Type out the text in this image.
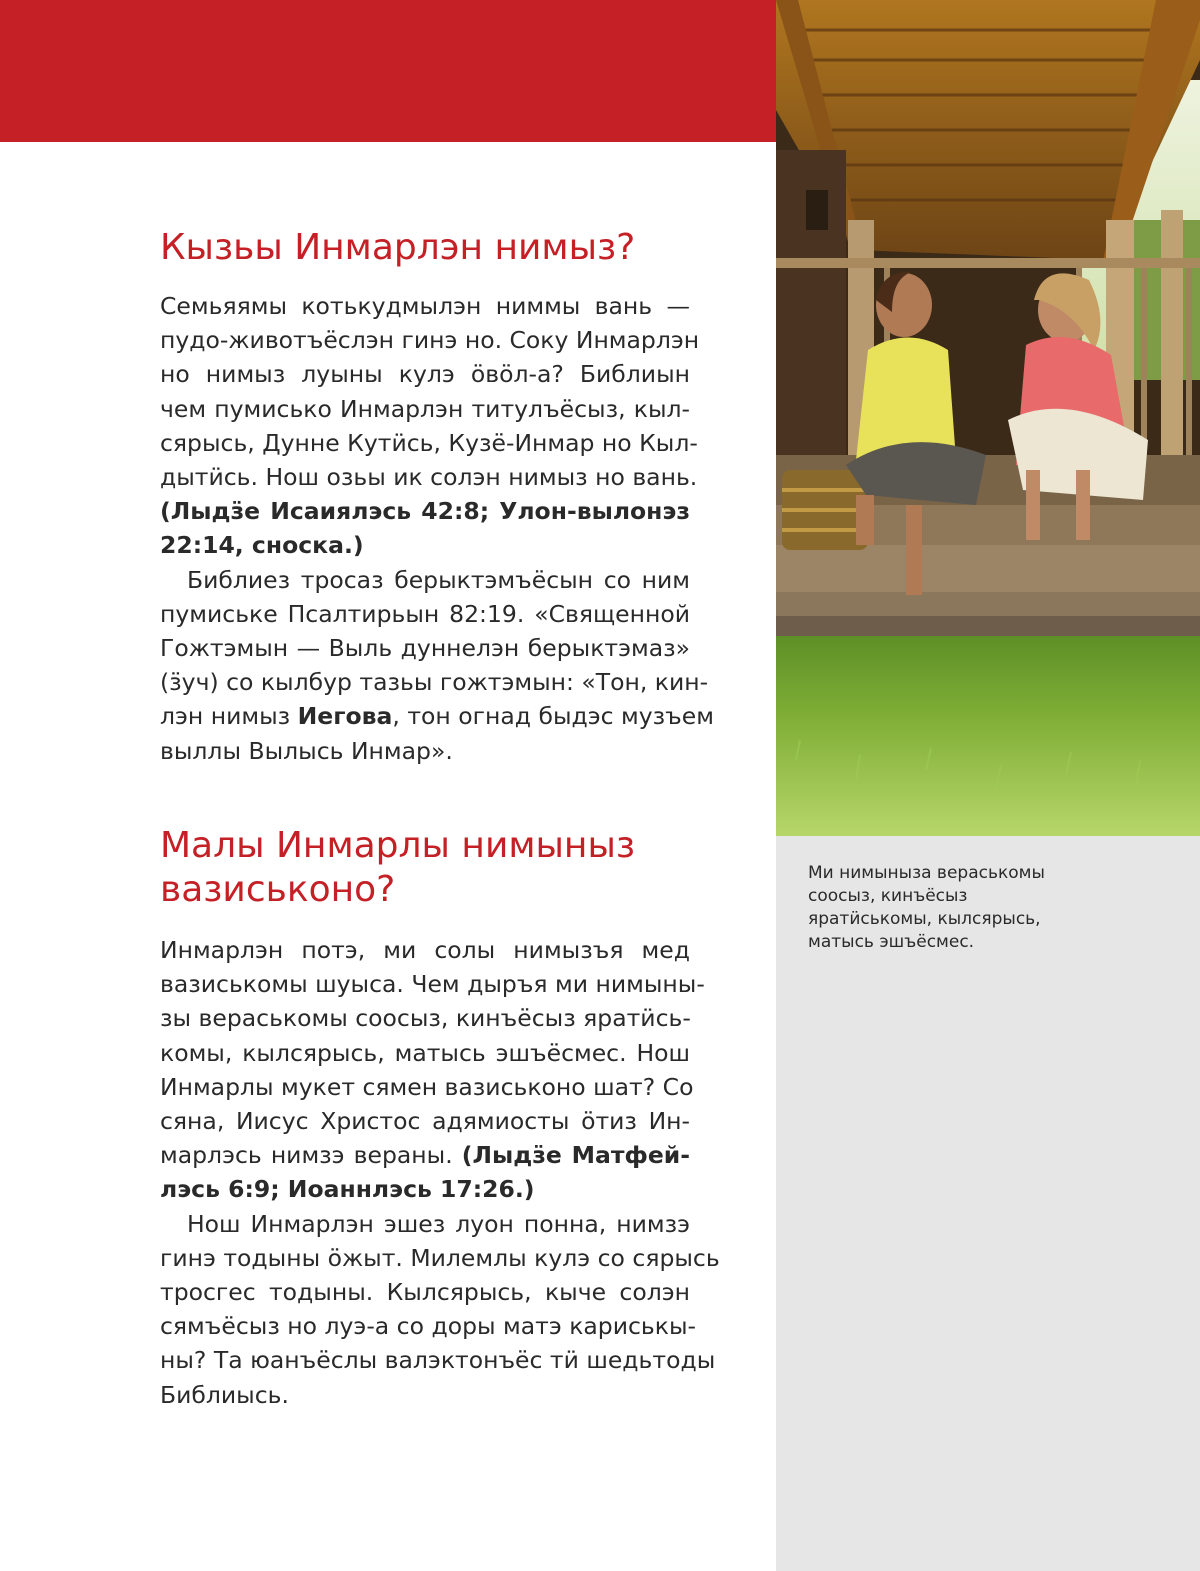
Ми нимыныза вераськомы
соосыз, кинъёсыз
яратӥськомы, кылсярысь,
матысь эшъёсмес.
Кызьы Инмарлэн нимыз?
Семьяямы котькудмылэн ниммы вань —
пудо-животъёслэн гинэ но. Соку Инмарлэн
но нимыз луыны кулэ ӧвӧл-а? Библиын
чем пумисько Инмарлэн титулъёсыз, кыл-
сярысь, Дунне Кутӥсь, Кузё-Инмар но Кыл-
дытӥсь. Нош озьы ик солэн нимыз но вань.
(Лыдӟе Исаиялэсь 42:8; Улон-вылонэз
22:14, сноска.)
Библиез тросаз берыктэмъёсын со ним
пумиське Псалтирьын 82:19. «Священной
Гожтэмын — Выль дуннелэн берыктэмаз»
(ӟуч) со кылбур тазьы гожтэмын: «Тон, кин-
лэн нимыз Иегова, тон огнад быдэс музъем
выллы Вылысь Инмар».
Малы Инмарлы нимыныз
вазиськоно?
Инмарлэн потэ, ми солы нимызъя мед
вазиськомы шуыса. Чем дыръя ми нимыны-
зы вераськомы соосыз, кинъёсыз яратӥсь-
комы, кылсярысь, матысь эшъёсмес. Нош
Инмарлы мукет сямен вазиськоно шат? Со
сяна, Иисус Христос адямиосты ӧтиз Ин-
марлэсь нимзэ вераны. (Лыдӟе Матфей-
лэсь 6:9; Иоаннлэсь 17:26.)
Нош Инмарлэн эшез луон понна, нимзэ
гинэ тодыны ӧжыт. Милемлы кулэ со сярысь
тросгес тодыны. Кылсярысь, кыче солэн
сямъёсыз но луэ-а со доры матэ кариськы-
ны? Та юанъёслы валэктонъёс тӥ шедьтоды
Библиысь.
